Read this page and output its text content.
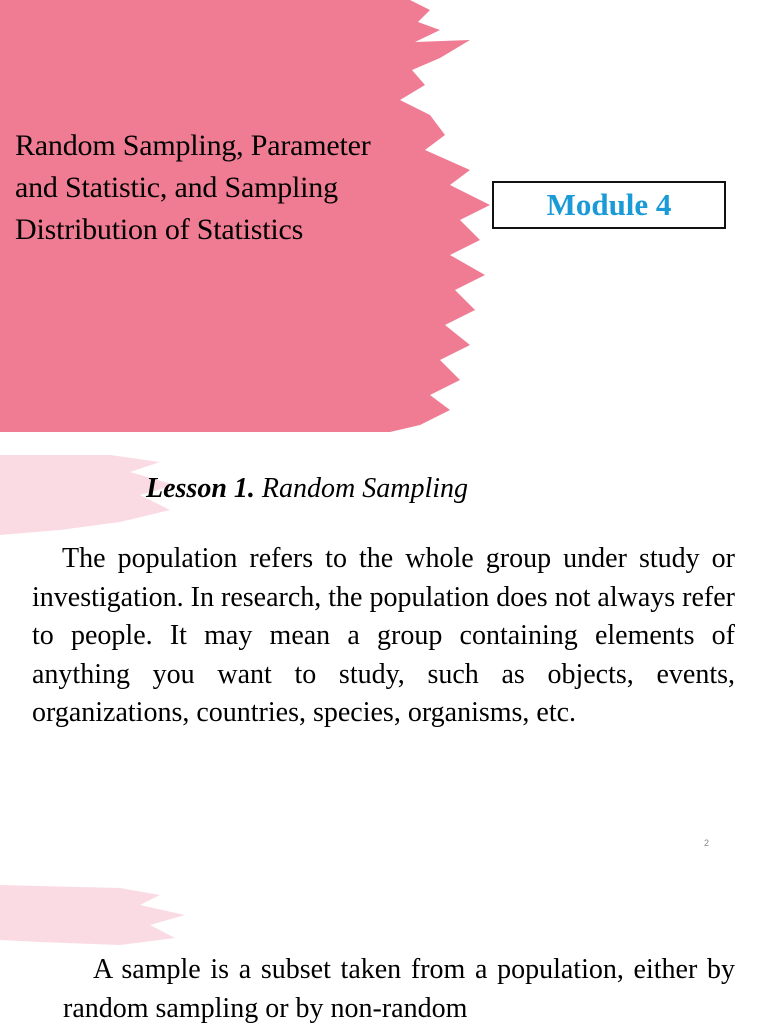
Random Sampling, Parameter
and Statistic, and Sampling
Distribution of Statistics
Module 4
Lesson 1. Random Sampling

The population refers to the whole group under study or investigation. In research, the population does not always refer to people. It may mean a group containing elements of anything you want to study, such as objects, events, organizations, countries, species, organisms, etc.

2

A sample is a subset taken from a population, either by random sampling or by non-random
